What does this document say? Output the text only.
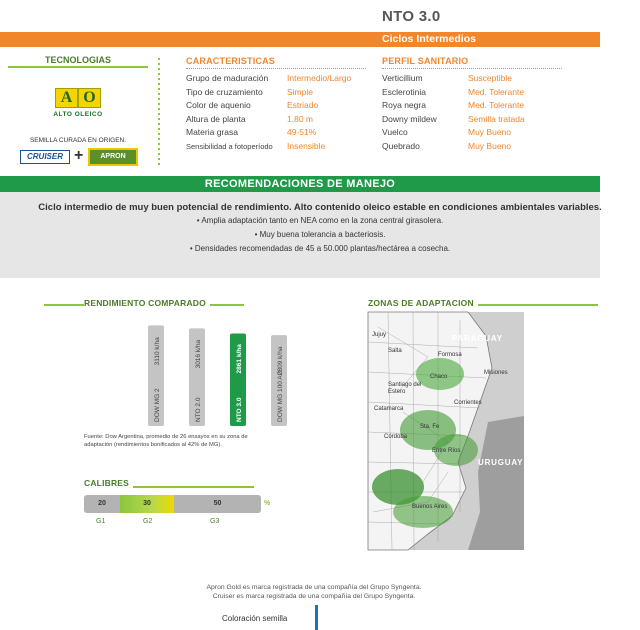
NTO 3.0
Ciclos Intermedios
TECNOLOGIAS
A O
ALTO OLEICO
SEMILLA CURADA EN ORIGEN.
CRUISER +	APRON
CARACTERISTICAS
Grupo de maduración	Intermedio/Largo
Tipo de cruzamiento	Simple
Color de aquenio	Estriado
Altura de planta	1,80 m
Materia grasa	49-51%
Sensibilidad a fotoperíodo	Insensible
PERFIL SANITARIO
Verticillium	Susceptible
Esclerotinia	Med. Tolerante
Roya negra	Med. Tolerante
Downy mildew	Semilla tratada
Vuelco	Muy Bueno
Quebrado	Muy Bueno
RECOMENDACIONES DE MANEJO
Ciclo intermedio de muy buen potencial de rendimiento. Alto contenido oleico estable en condiciones ambientales variables.
• Amplia adaptación tanto en NEA como en la zona central girasolera.
• Muy buena tolerancia a bacteriosis.
• Densidades recomendadas de 45 a 50.000 plantas/hectárea a cosecha.
RENDIMIENTO COMPARADO
DOW MG 2
3110 k/ha
NTO 2.0
3016 k/ha
NTO 3.0
2861 k/ha
DOW MG 100 AO
2809 k/ha
Fuente: Dow Argentina, promedio de 26 ensayos en su zona de adaptación (rendimientos bonificados al 42% de MG).
ZONAS DE ADAPTACION
PARAGUAY
URUGUAY
Jujuy
Salta
Formosa
Misiones
Chaco
Santiago del Estero
Corrientes
Catamarca
Sta. Fe
Córdoba
Entre Ríos
Buenos Aires
CALIBRES
20	30	50	%
G1	G2	G3
Apron Gold es marca registrada de una compañía del Grupo Syngenta.
Cruiser es marca registrada de una compañía del Grupo Syngenta.
Coloración semilla
